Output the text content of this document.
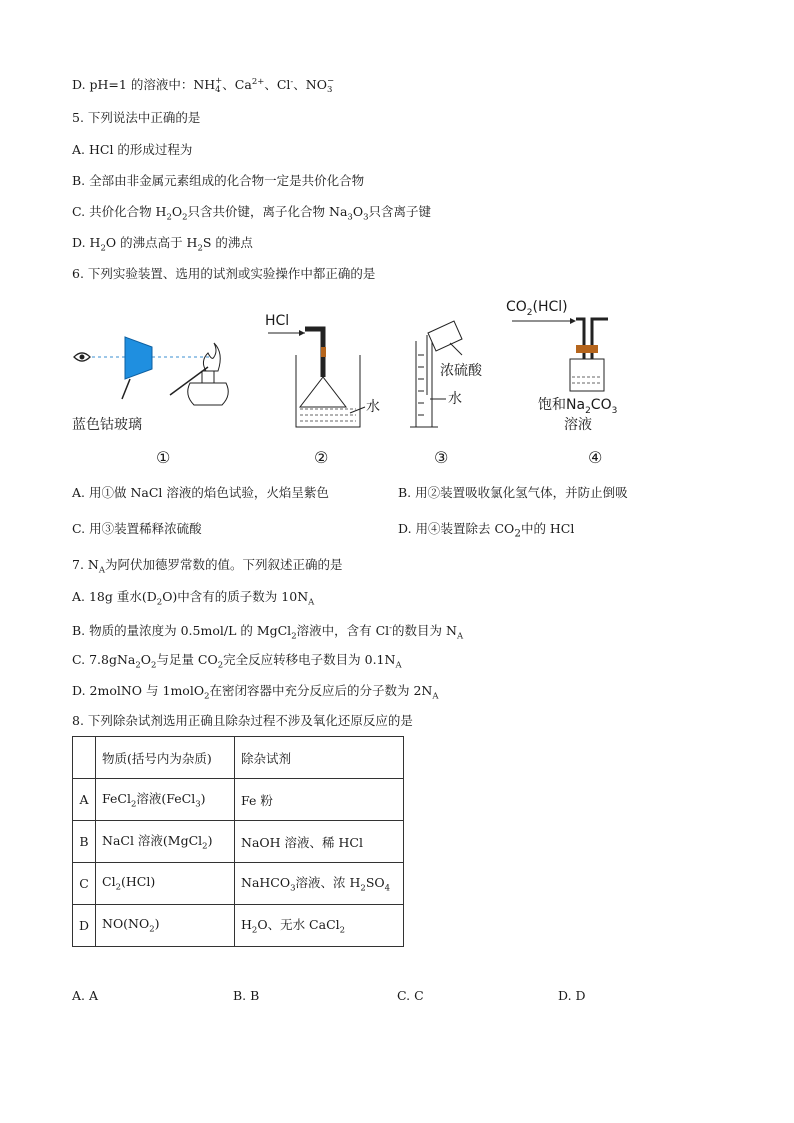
D. pH=1 的溶液中：NH +
4 、$Ca^{2+}$、Cl-、NO −
3
5. 下列说法中正确的是
A. HCl 的形成过程为
B. 全部由非金属元素组成的化合物一定是共价化合物
C. 共价化合物 $H_2O_2$只含共价键，离子化合物 $Na_3O_3$只含离子键
D. $H_2O$ 的沸点高于 $H_2S$ 的沸点
6. 下列实验装置、选用的试剂或实验操作中都正确的是
蓝色钴玻璃
HCl
水
浓硫酸
水
$CO_2(HCl)$
饱和$Na_2CO_3$
溶液
①	②	③	④
A. 用①做 NaCl 溶液的焰色试验，火焰呈紫色	B. 用②装置吸收氯化氢气体，并防止倒吸
C. 用③装置稀释浓硫酸	D. 用④装置除去 $CO_2$中的 HCl
7. $N_A$为阿伏加德罗常数的值。下列叙述正确的是
A. 18g 重水$(D_2O)$中含有的质子数为 $10N_A$
B. 物质的量浓度为 0.5mol/L 的 MgCl$_2$溶液中，含有 Cl-的数目为 $N_A$
C. $7.8gNa_2O_2$与足量 $CO_2$完全反应转移电子数目为 $0.1N_A$
D. 2molNO 与 1molO$_2$在密闭容器中充分反应后的分子数为 $2N_A$
8. 下列除杂试剂选用正确且除杂过程不涉及氧化还原反应的是
	物质(括号内为杂质)	除杂试剂
A	FeCl$_2$溶液(FeCl$_3$)	Fe 粉
B	NaCl 溶液(MgCl$_2$)	NaOH 溶液、稀 HCl
C	$Cl_2(HCl)$	NaHCO$_3$溶液、浓 $H_2SO_4$
D	$NO(NO_2)$	$H_2O$、无水 CaCl$_2$
A. A	B. B	C. C	D. D
